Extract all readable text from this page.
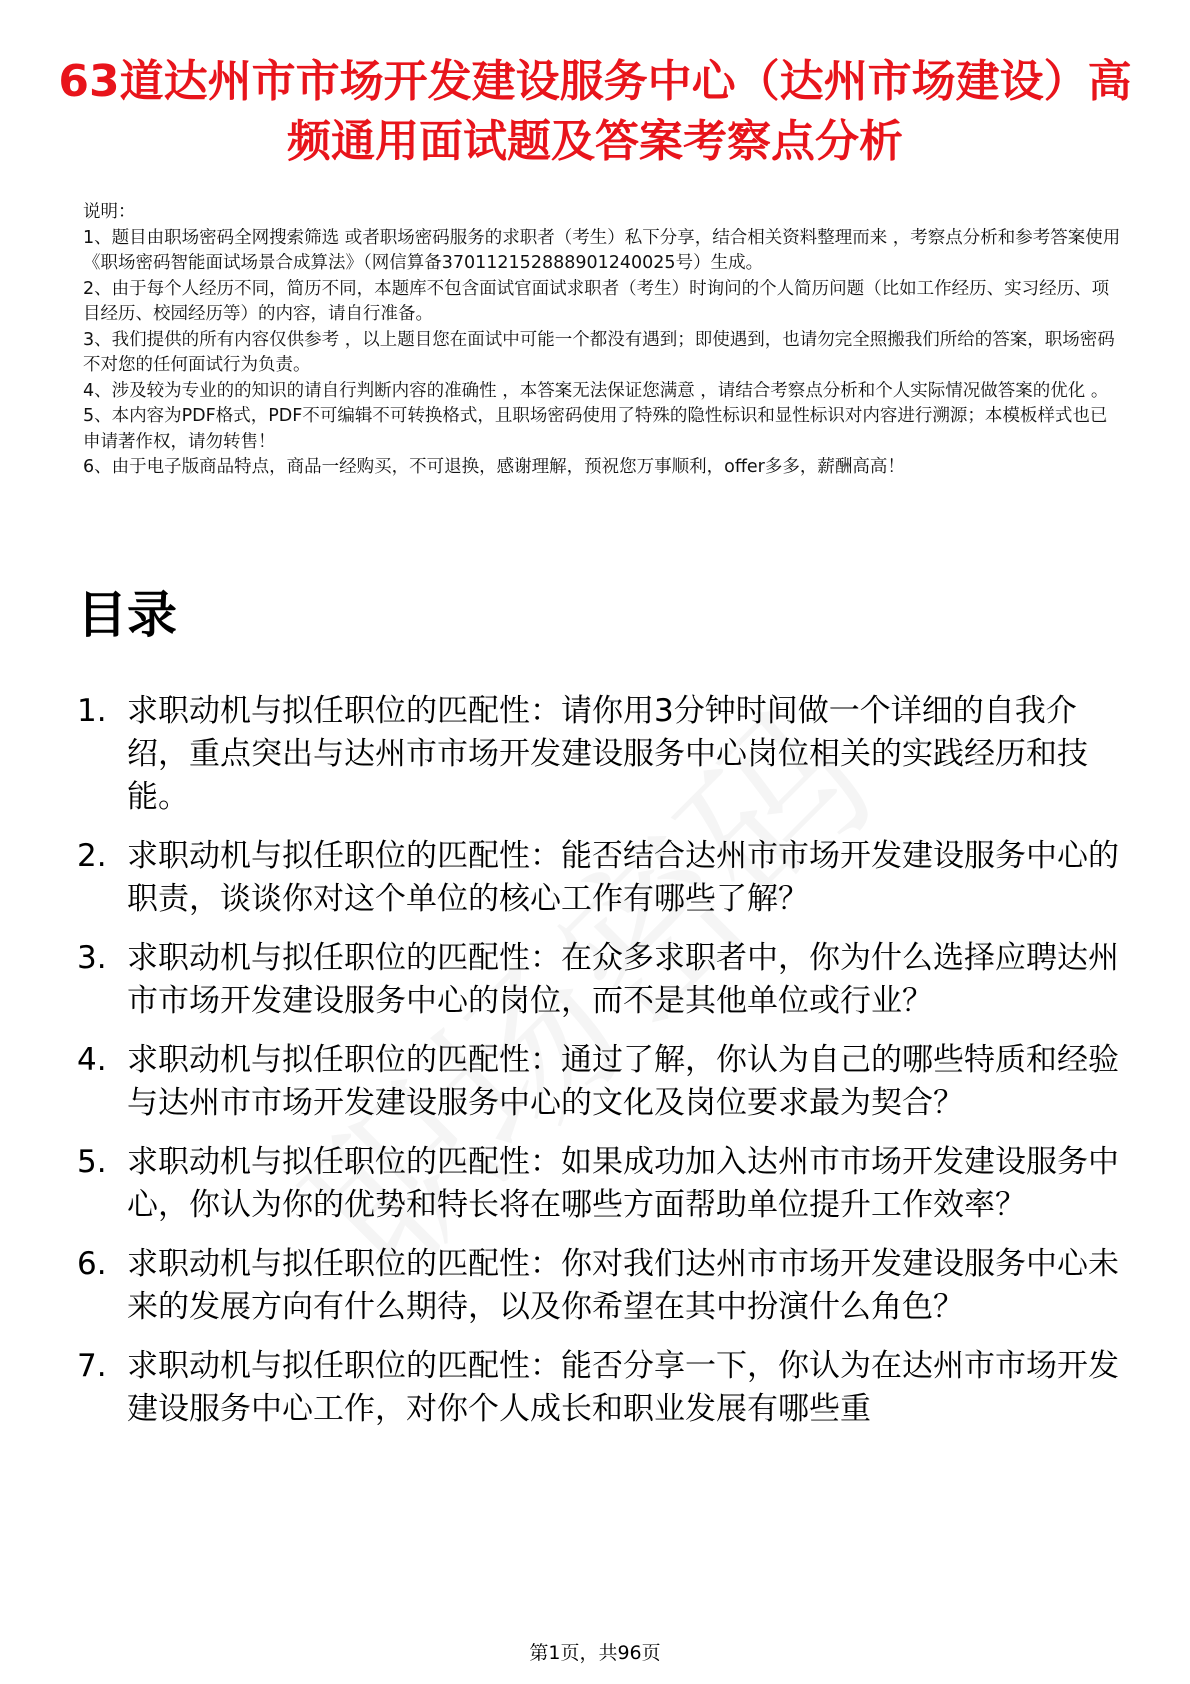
63道达州市市场开发建设服务中心（达州市场建设）高频通用面试题及答案考察点分析
说明：
1、题目由职场密码全网搜索筛选 或者职场密码服务的求职者（考生）私下分享，结合相关资料整理而来 ，考察点分析和参考答案使用《职场密码智能面试场景合成算法》（网信算备370112152888901240025号）生成。
2、由于每个人经历不同，简历不同，本题库不包含面试官面试求职者（考生）时询问的个人简历问题（比如工作经历、实习经历、项目经历、校园经历等）的内容，请自行准备。
3、我们提供的所有内容仅供参考 ，以上题目您在面试中可能一个都没有遇到；即使遇到，也请勿完全照搬我们所给的答案，职场密码不对您的任何面试行为负责。
4、涉及较为专业的的知识的请自行判断内容的准确性 ，本答案无法保证您满意 ，请结合考察点分析和个人实际情况做答案的优化 。
5、本内容为PDF格式，PDF不可编辑不可转换格式，且职场密码使用了特殊的隐性标识和显性标识对内容进行溯源；本模板样式也已申请著作权，请勿转售！
6、由于电子版商品特点，商品一经购买，不可退换，感谢理解，预祝您万事顺利，offer多多，薪酬高高！
目录
1. 求职动机与拟任职位的匹配性：请你用3分钟时间做一个详细的自我介绍，重点突出与达州市市场开发建设服务中心岗位相关的实践经历和技能。
2. 求职动机与拟任职位的匹配性：能否结合达州市市场开发建设服务中心的职责，谈谈你对这个单位的核心工作有哪些了解？
3. 求职动机与拟任职位的匹配性：在众多求职者中，你为什么选择应聘达州市市场开发建设服务中心的岗位，而不是其他单位或行业？
4. 求职动机与拟任职位的匹配性：通过了解，你认为自己的哪些特质和经验与达州市市场开发建设服务中心的文化及岗位要求最为契合？
5. 求职动机与拟任职位的匹配性：如果成功加入达州市市场开发建设服务中心，你认为你的优势和特长将在哪些方面帮助单位提升工作效率？
6. 求职动机与拟任职位的匹配性：你对我们达州市市场开发建设服务中心未来的发展方向有什么期待，以及你希望在其中扮演什么角色？
7. 求职动机与拟任职位的匹配性：能否分享一下，你认为在达州市市场开发建设服务中心工作，对你个人成长和职业发展有哪些重
第1页，共96页
